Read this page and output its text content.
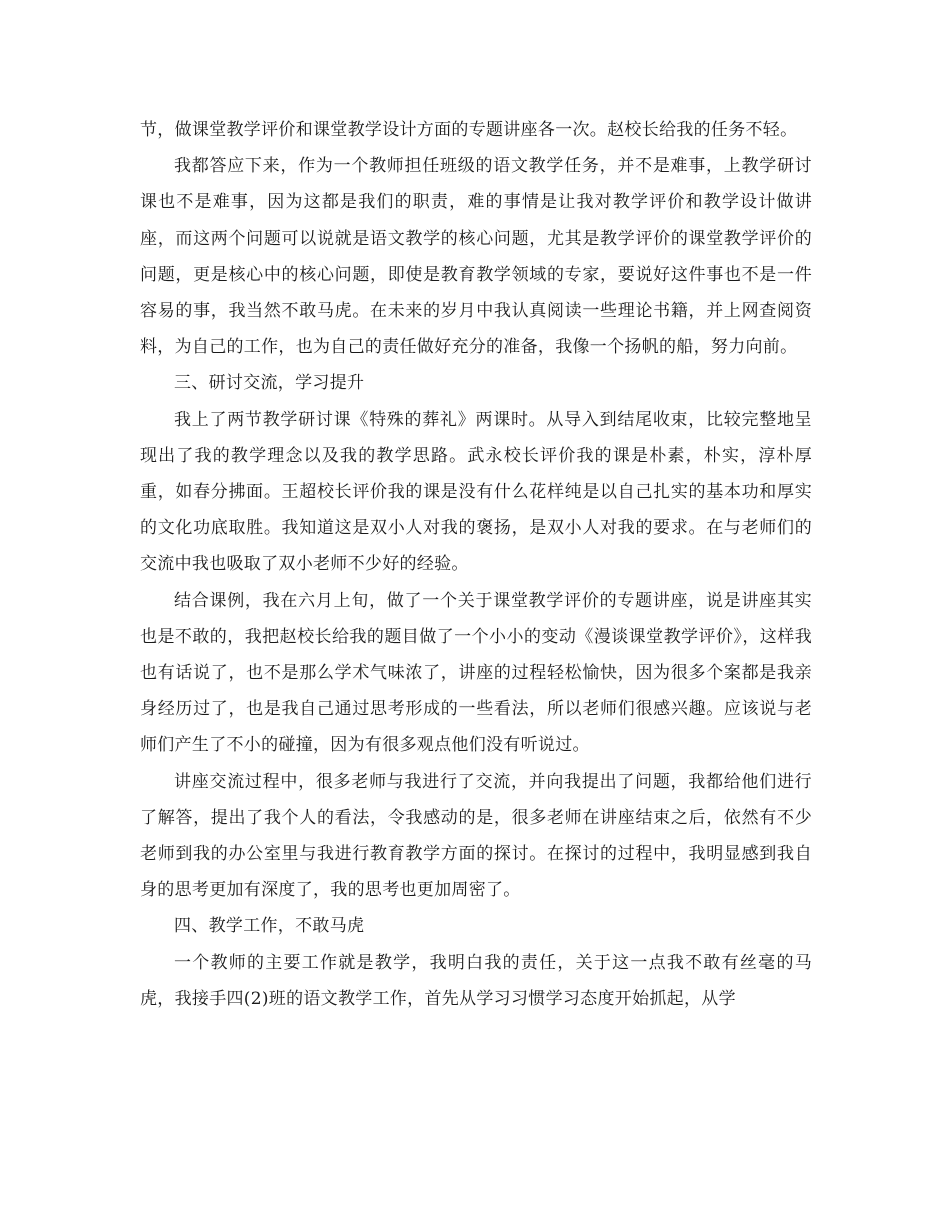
节，做课堂教学评价和课堂教学设计方面的专题讲座各一次。赵校长给我的任务不轻。

我都答应下来，作为一个教师担任班级的语文教学任务，并不是难事，上教学研讨课也不是难事，因为这都是我们的职责，难的事情是让我对教学评价和教学设计做讲座，而这两个问题可以说就是语文教学的核心问题，尤其是教学评价的课堂教学评价的问题，更是核心中的核心问题，即使是教育教学领域的专家，要说好这件事也不是一件容易的事，我当然不敢马虎。在未来的岁月中我认真阅读一些理论书籍，并上网查阅资料，为自己的工作，也为自己的责任做好充分的准备，我像一个扬帆的船，努力向前。

三、研讨交流，学习提升

我上了两节教学研讨课《特殊的葬礼》两课时。从导入到结尾收束，比较完整地呈现出了我的教学理念以及我的教学思路。武永校长评价我的课是朴素，朴实，淳朴厚重，如春分拂面。王超校长评价我的课是没有什么花样纯是以自己扎实的基本功和厚实的文化功底取胜。我知道这是双小人对我的褒扬，是双小人对我的要求。在与老师们的交流中我也吸取了双小老师不少好的经验。

结合课例，我在六月上旬，做了一个关于课堂教学评价的专题讲座，说是讲座其实也是不敢的，我把赵校长给我的题目做了一个小小的变动《漫谈课堂教学评价》，这样我也有话说了，也不是那么学术气味浓了，讲座的过程轻松愉快，因为很多个案都是我亲身经历过了，也是我自己通过思考形成的一些看法，所以老师们很感兴趣。应该说与老师们产生了不小的碰撞，因为有很多观点他们没有听说过。

讲座交流过程中，很多老师与我进行了交流，并向我提出了问题，我都给他们进行了解答，提出了我个人的看法，令我感动的是，很多老师在讲座结束之后，依然有不少老师到我的办公室里与我进行教育教学方面的探讨。在探讨的过程中，我明显感到我自身的思考更加有深度了，我的思考也更加周密了。

四、教学工作，不敢马虎

一个教师的主要工作就是教学，我明白我的责任，关于这一点我不敢有丝毫的马虎，我接手四(2)班的语文教学工作，首先从学习习惯学习态度开始抓起，从学
